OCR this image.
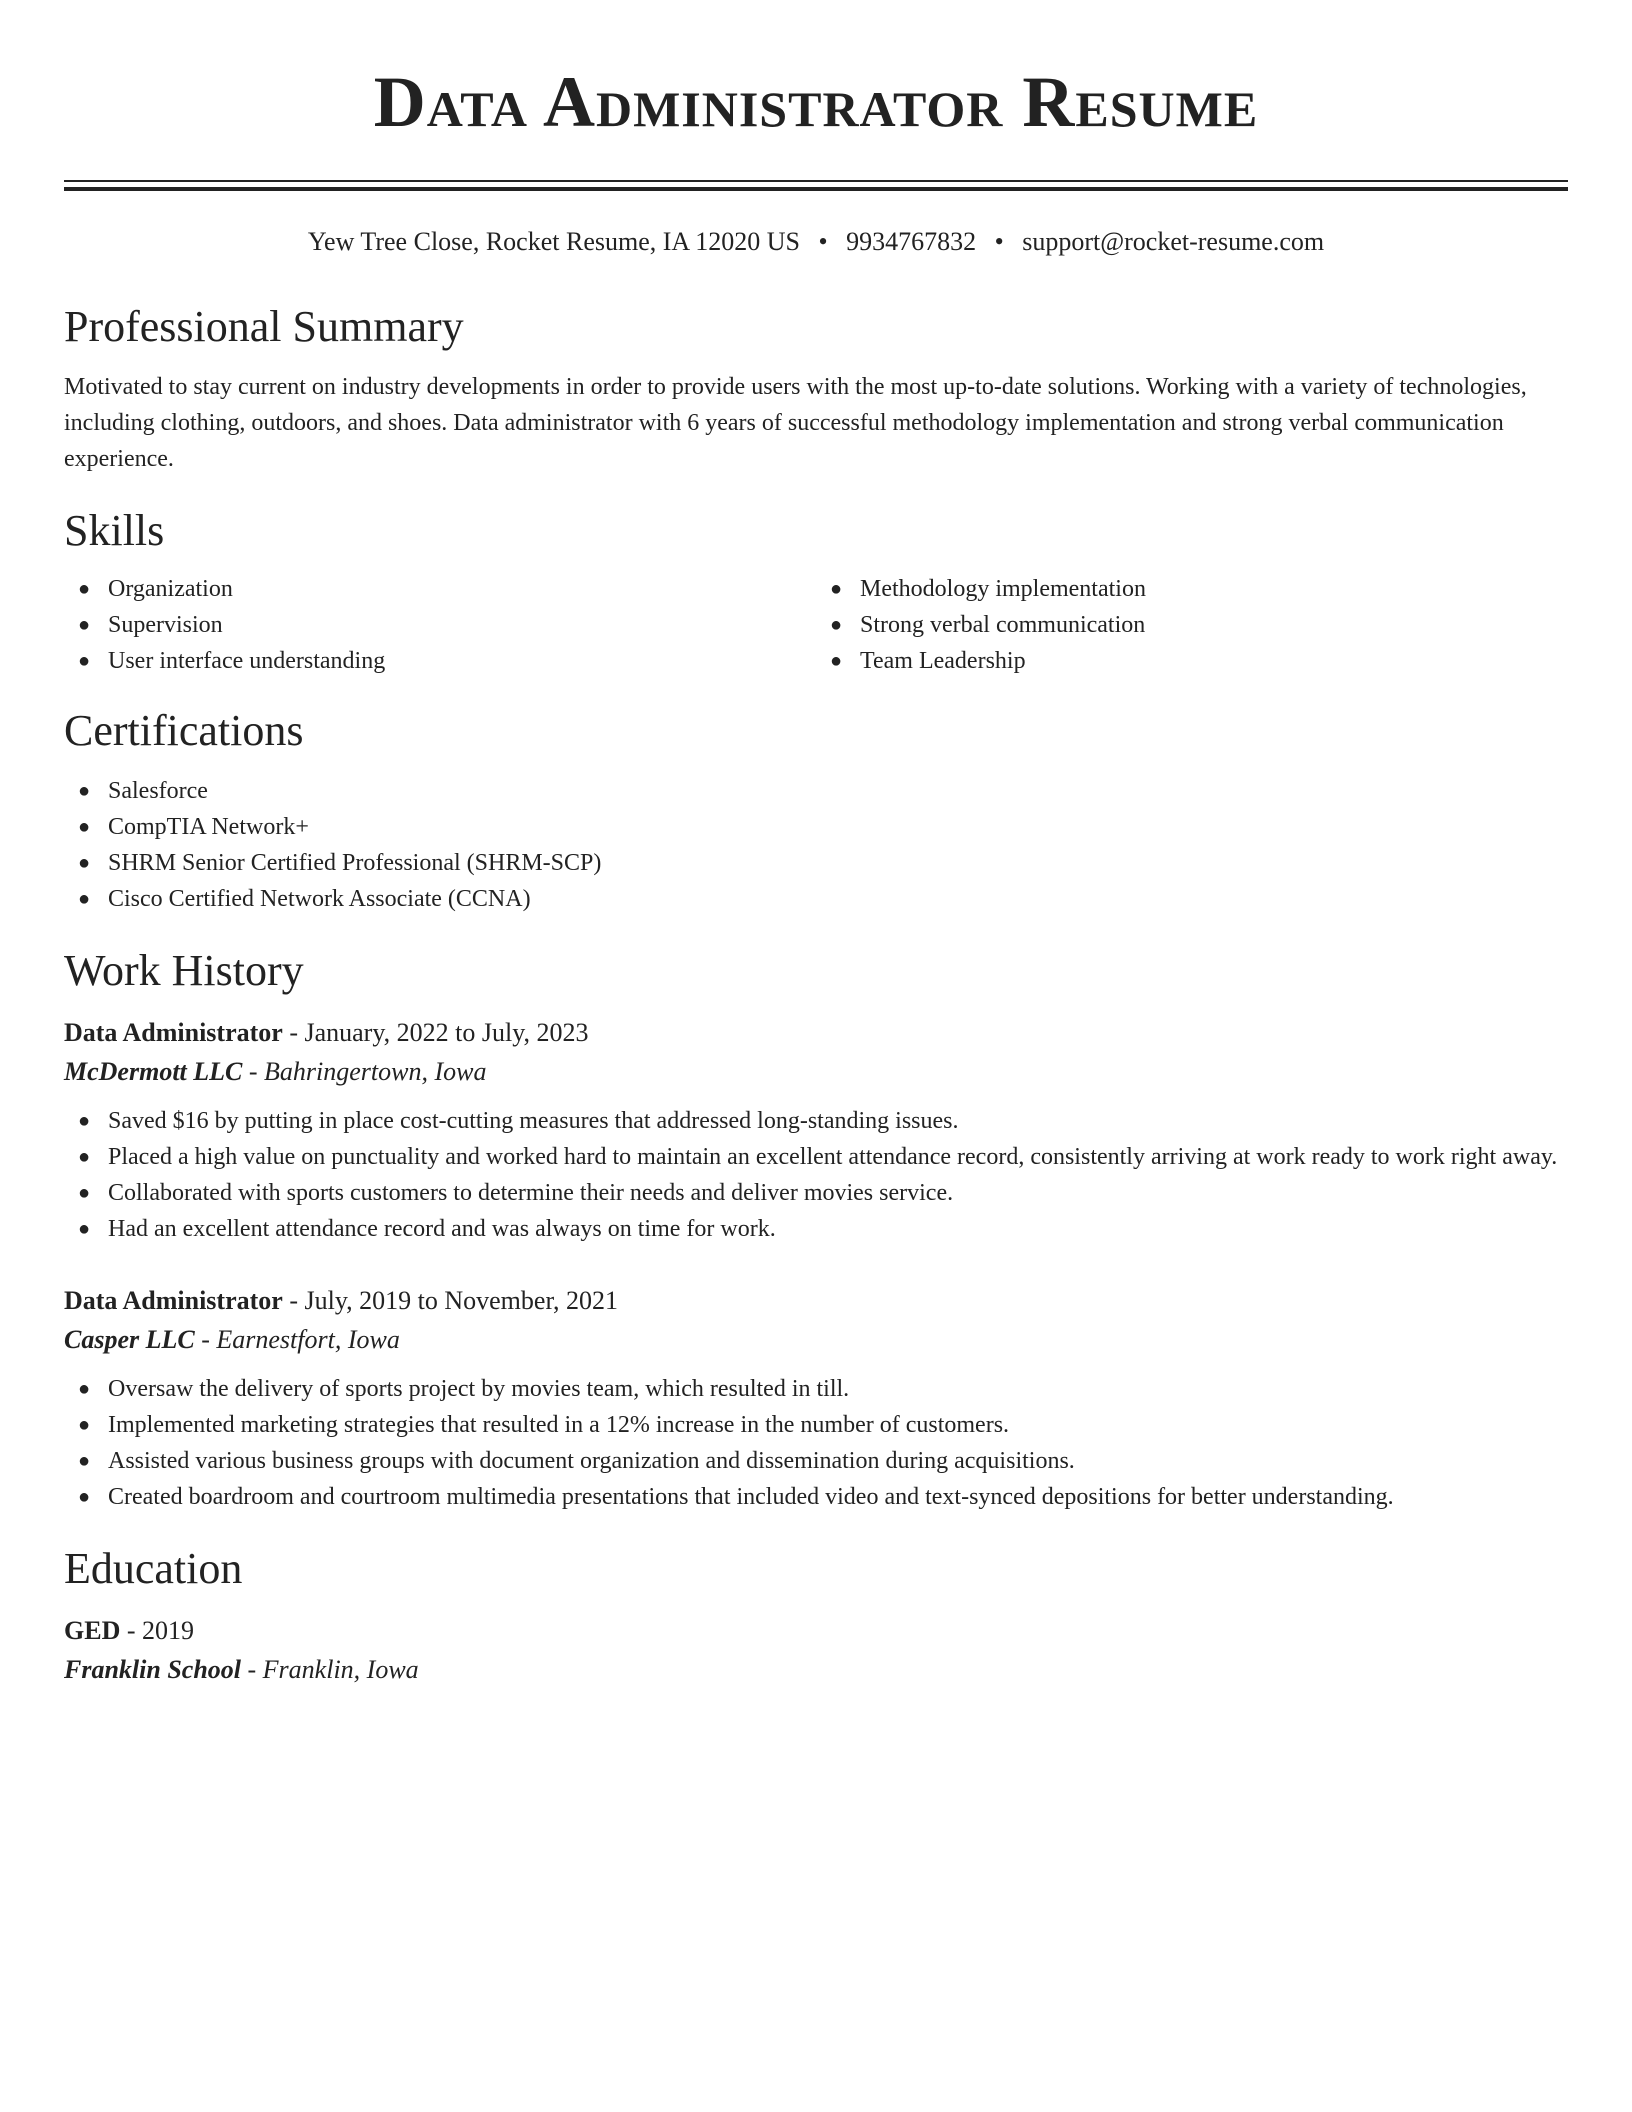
Data Administrator Resume
Yew Tree Close, Rocket Resume, IA 12020 US • 9934767832 • support@rocket-resume.com
Professional Summary

Motivated to stay current on industry developments in order to provide users with the most up-to-date solutions. Working with a variety of technologies, including clothing, outdoors, and shoes. Data administrator with 6 years of successful methodology implementation and strong verbal communication experience.

Skills
● Organization
● Supervision
● User interface understanding
● Methodology implementation
● Strong verbal communication
● Team Leadership
Certifications
● Salesforce
● CompTIA Network+
● SHRM Senior Certified Professional (SHRM-SCP)
● Cisco Certified Network Associate (CCNA)
Work History
Data Administrator - January, 2022 to July, 2023
McDermott LLC - Bahringertown, Iowa
● Saved $16 by putting in place cost-cutting measures that addressed long-standing issues.
● Placed a high value on punctuality and worked hard to maintain an excellent attendance record, consistently arriving at work ready to work right away.
● Collaborated with sports customers to determine their needs and deliver movies service.
● Had an excellent attendance record and was always on time for work.
Data Administrator - July, 2019 to November, 2021
Casper LLC - Earnestfort, Iowa
● Oversaw the delivery of sports project by movies team, which resulted in till.
● Implemented marketing strategies that resulted in a 12% increase in the number of customers.
● Assisted various business groups with document organization and dissemination during acquisitions.
● Created boardroom and courtroom multimedia presentations that included video and text-synced depositions for better understanding.
Education
GED - 2019
Franklin School - Franklin, Iowa
